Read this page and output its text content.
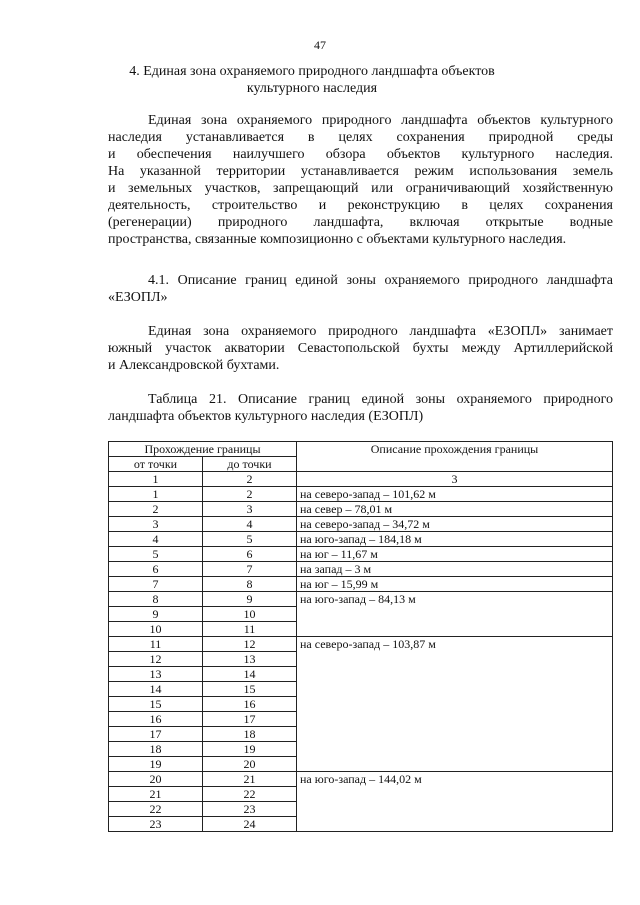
47
4. Единая зона охраняемого природного ландшафта объектов культурного наследия
Единая зона охраняемого природного ландшафта объектов культурного
наследия устанавливается в целях сохранения природной среды
и обеспечения наилучшего обзора объектов культурного наследия.
На указанной территории устанавливается режим использования земель
и земельных участков, запрещающий или ограничивающий хозяйственную
деятельность, строительство и реконструкцию в целях сохранения
(регенерации) природного ландшафта, включая открытые водные
пространства, связанные композиционно с объектами культурного наследия.
4.1. Описание границ единой зоны охраняемого природного ландшафта
«ЕЗОПЛ»
Единая зона охраняемого природного ландшафта «ЕЗОПЛ» занимает
южный участок акватории Севастопольской бухты между Артиллерийской
и Александровской бухтами.
Таблица 21. Описание границ единой зоны охраняемого природного
ландшафта объектов культурного наследия (ЕЗОПЛ)
Прохождение границы		Описание прохождения границы
от точки	до точки	
1	2	3
1	2	на северо-запад – 101,62 м
2	3	на север – 78,01 м
3	4	на северо-запад – 34,72 м
4	5	на юго-запад – 184,18 м
5	6	на юг – 11,67 м
6	7	на запад – 3 м
7	8	на юг – 15,99 м
8	9	на юго-запад – 84,13 м
9	10	
10	11	
11	12	на северо-запад – 103,87 м
12	13	
13	14	
14	15	
15	16	
16	17	
17	18	
18	19	
19	20	
20	21	на юго-запад – 144,02 м
21	22	
22	23	
23	24	
